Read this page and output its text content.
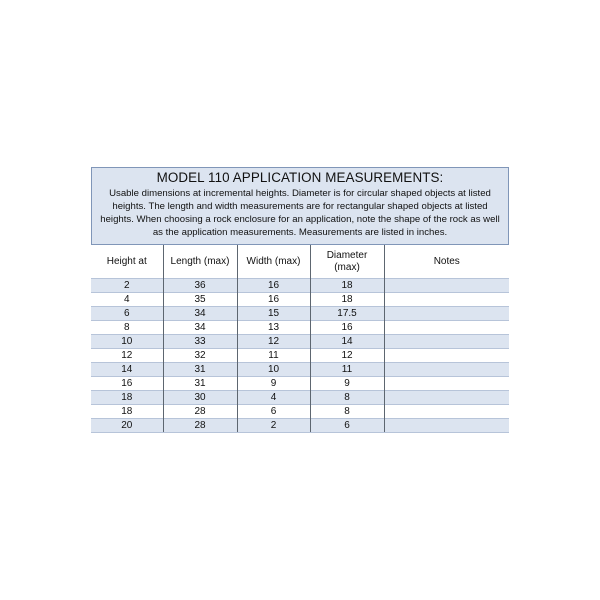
MODEL 110 APPLICATION MEASUREMENTS:
Usable dimensions at incremental heights. Diameter is for circular shaped objects at listed heights. The length and width measurements are for rectangular shaped objects at listed heights. When choosing a rock enclosure for an application, note the shape of the rock as well as the application measurements. Measurements are listed in inches.
Height at	Length (max)	Width (max)	Diameter (max)	Notes
2	36	16	18	
4	35	16	18	
6	34	15	17.5	
8	34	13	16	
10	33	12	14	
12	32	11	12	
14	31	10	11	
16	31	9	9	
18	30	4	8	
18	28	6	8	
20	28	2	6	
